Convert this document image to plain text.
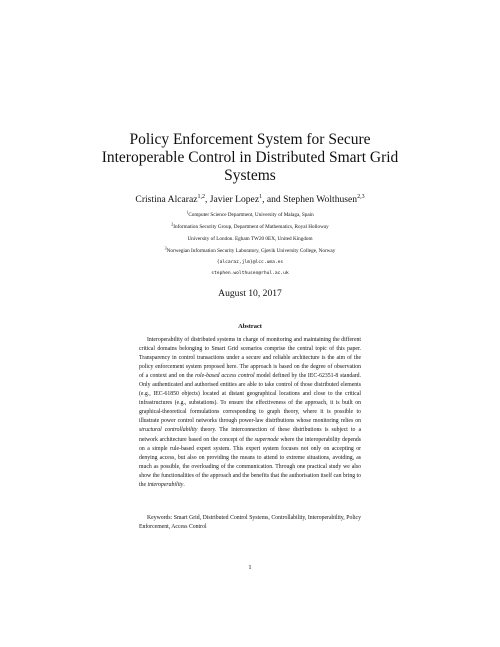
Policy Enforcement System for Secure
Interoperable Control in Distributed Smart Grid
Systems
Cristina Alcaraz$^{1,2}$, Javier Lopez$^1$, and Stephen Wolthusen$^{2,3}$
$^1$Computer Science Department, University of Malaga, Spain
$^2$Information Security Group, Department of Mathematics, Royal Holloway
University of London. Egham TW20 0EX, United Kingdom
$^3$Norwegian Information Security Laboratory, Gjøvik University College, Norway
{alcaraz,jlm}@lcc.uma.es
stephen.wolthusen@rhul.ac.uk
August 10, 2017
Abstract

Interoperability of distributed systems in charge of monitoring and maintaining the different critical domains belonging to Smart Grid scenarios comprise the central topic of this paper. Transparency in control transactions under a secure and reliable architecture is the aim of the policy enforcement system proposed here. The approach is based on the degree of observation of a context and on the role-based access control model defined by the IEC-62351-8 standard. Only authenticated and authorised entities are able to take control of those distributed elements (e.g., IEC-61850 objects) located at distant geographical locations and close to the critical infrastructures (e.g., substations). To ensure the effectiveness of the approach, it is built on graphical-theoretical formulations corresponding to graph theory, where it is possible to illustrate power control networks through power-law distributions whose monitoring relies on structural controllability theory. The interconnection of these distributions is subject to a network architecture based on the concept of the supernode where the interoperability depends on a simple rule-based expert system. This expert system focuses not only on accepting or denying access, but also on providing the means to attend to extreme situations, avoiding, as much as possible, the overloading of the communication. Through one practical study we also show the functionalities of the approach and the benefits that the authorisation itself can bring to the interoperability.

Keywords: Smart Grid, Distributed Control Systems, Controllability, Interoperability, Policy Enforcement, Access Control

1
